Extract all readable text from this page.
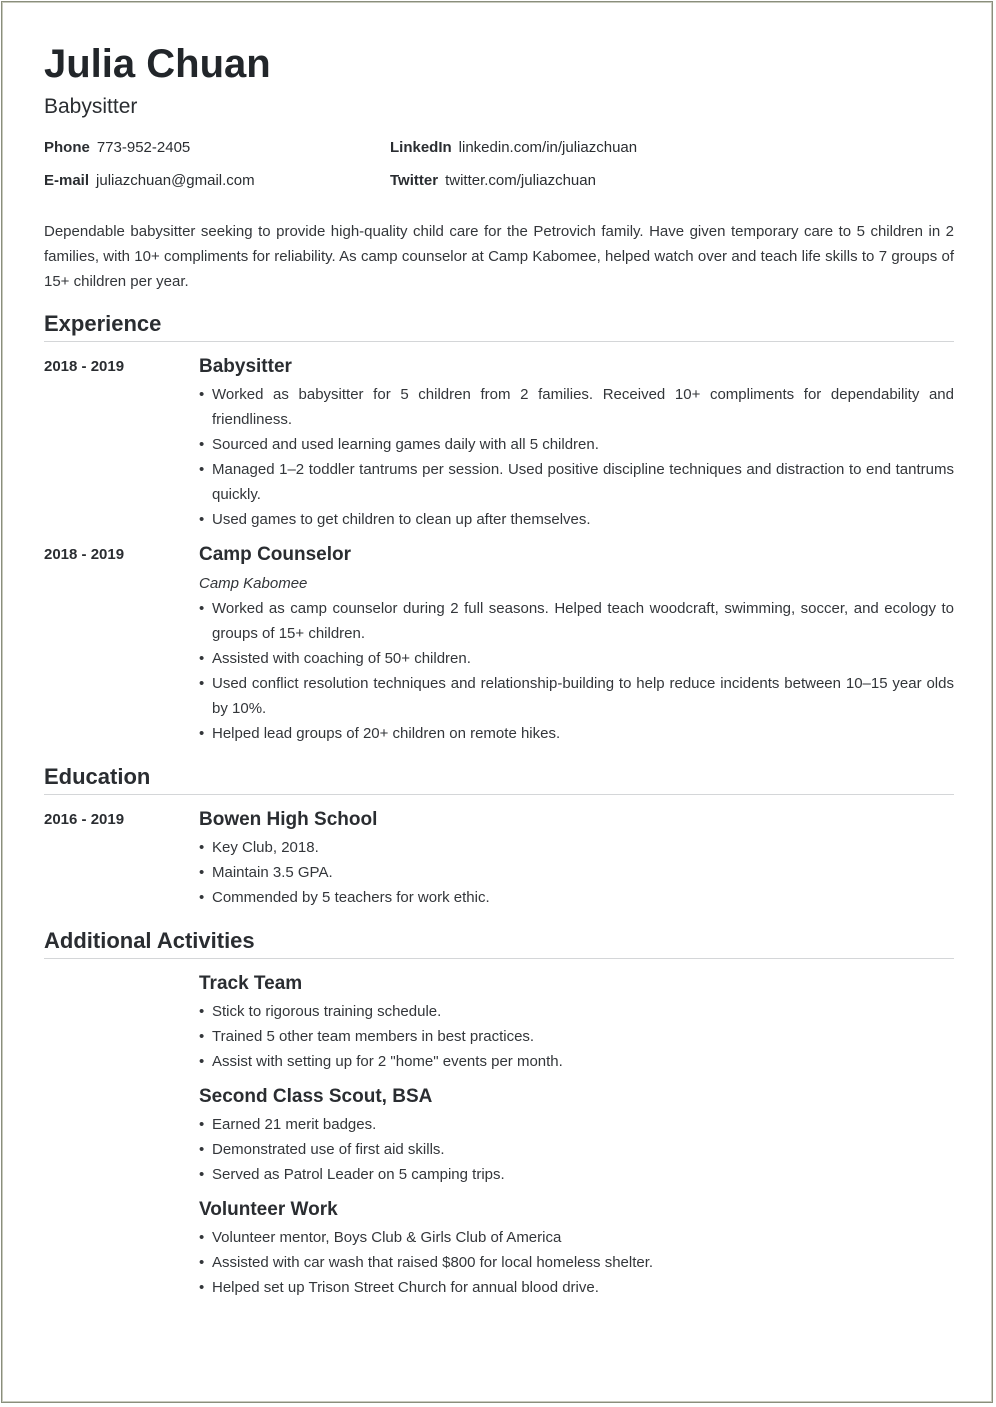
Julia Chuan
Babysitter
Phone 773-952-2405	LinkedIn linkedin.com/in/juliazchuan
E-mail juliazchuan@gmail.com	Twitter twitter.com/juliazchuan

Dependable babysitter seeking to provide high-quality child care for the Petrovich family. Have given temporary care to 5 children in 2 families, with 10+ compliments for reliability. As camp counselor at Camp Kabomee, helped watch over and teach life skills to 7 groups of 15+ children per year.

Experience
2018 - 2019	Babysitter
• Worked as babysitter for 5 children from 2 families. Received 10+ compliments for dependability and friendliness.
• Sourced and used learning games daily with all 5 children.
• Managed 1–2 toddler tantrums per session. Used positive discipline techniques and distraction to end tantrums quickly.
• Used games to get children to clean up after themselves.
2018 - 2019	Camp Counselor
Camp Kabomee
• Worked as camp counselor during 2 full seasons. Helped teach woodcraft, swimming, soccer, and ecology to groups of 15+ children.
• Assisted with coaching of 50+ children.
• Used conflict resolution techniques and relationship-building to help reduce incidents between 10–15 year olds by 10%.
• Helped lead groups of 20+ children on remote hikes.
Education
2016 - 2019	Bowen High School
• Key Club, 2018.
• Maintain 3.5 GPA.
• Commended by 5 teachers for work ethic.
Additional Activities
Track Team
• Stick to rigorous training schedule.
• Trained 5 other team members in best practices.
• Assist with setting up for 2 "home" events per month.
Second Class Scout, BSA
• Earned 21 merit badges.
• Demonstrated use of first aid skills.
• Served as Patrol Leader on 5 camping trips.
Volunteer Work
• Volunteer mentor, Boys Club & Girls Club of America
• Assisted with car wash that raised $800 for local homeless shelter.
• Helped set up Trison Street Church for annual blood drive.
